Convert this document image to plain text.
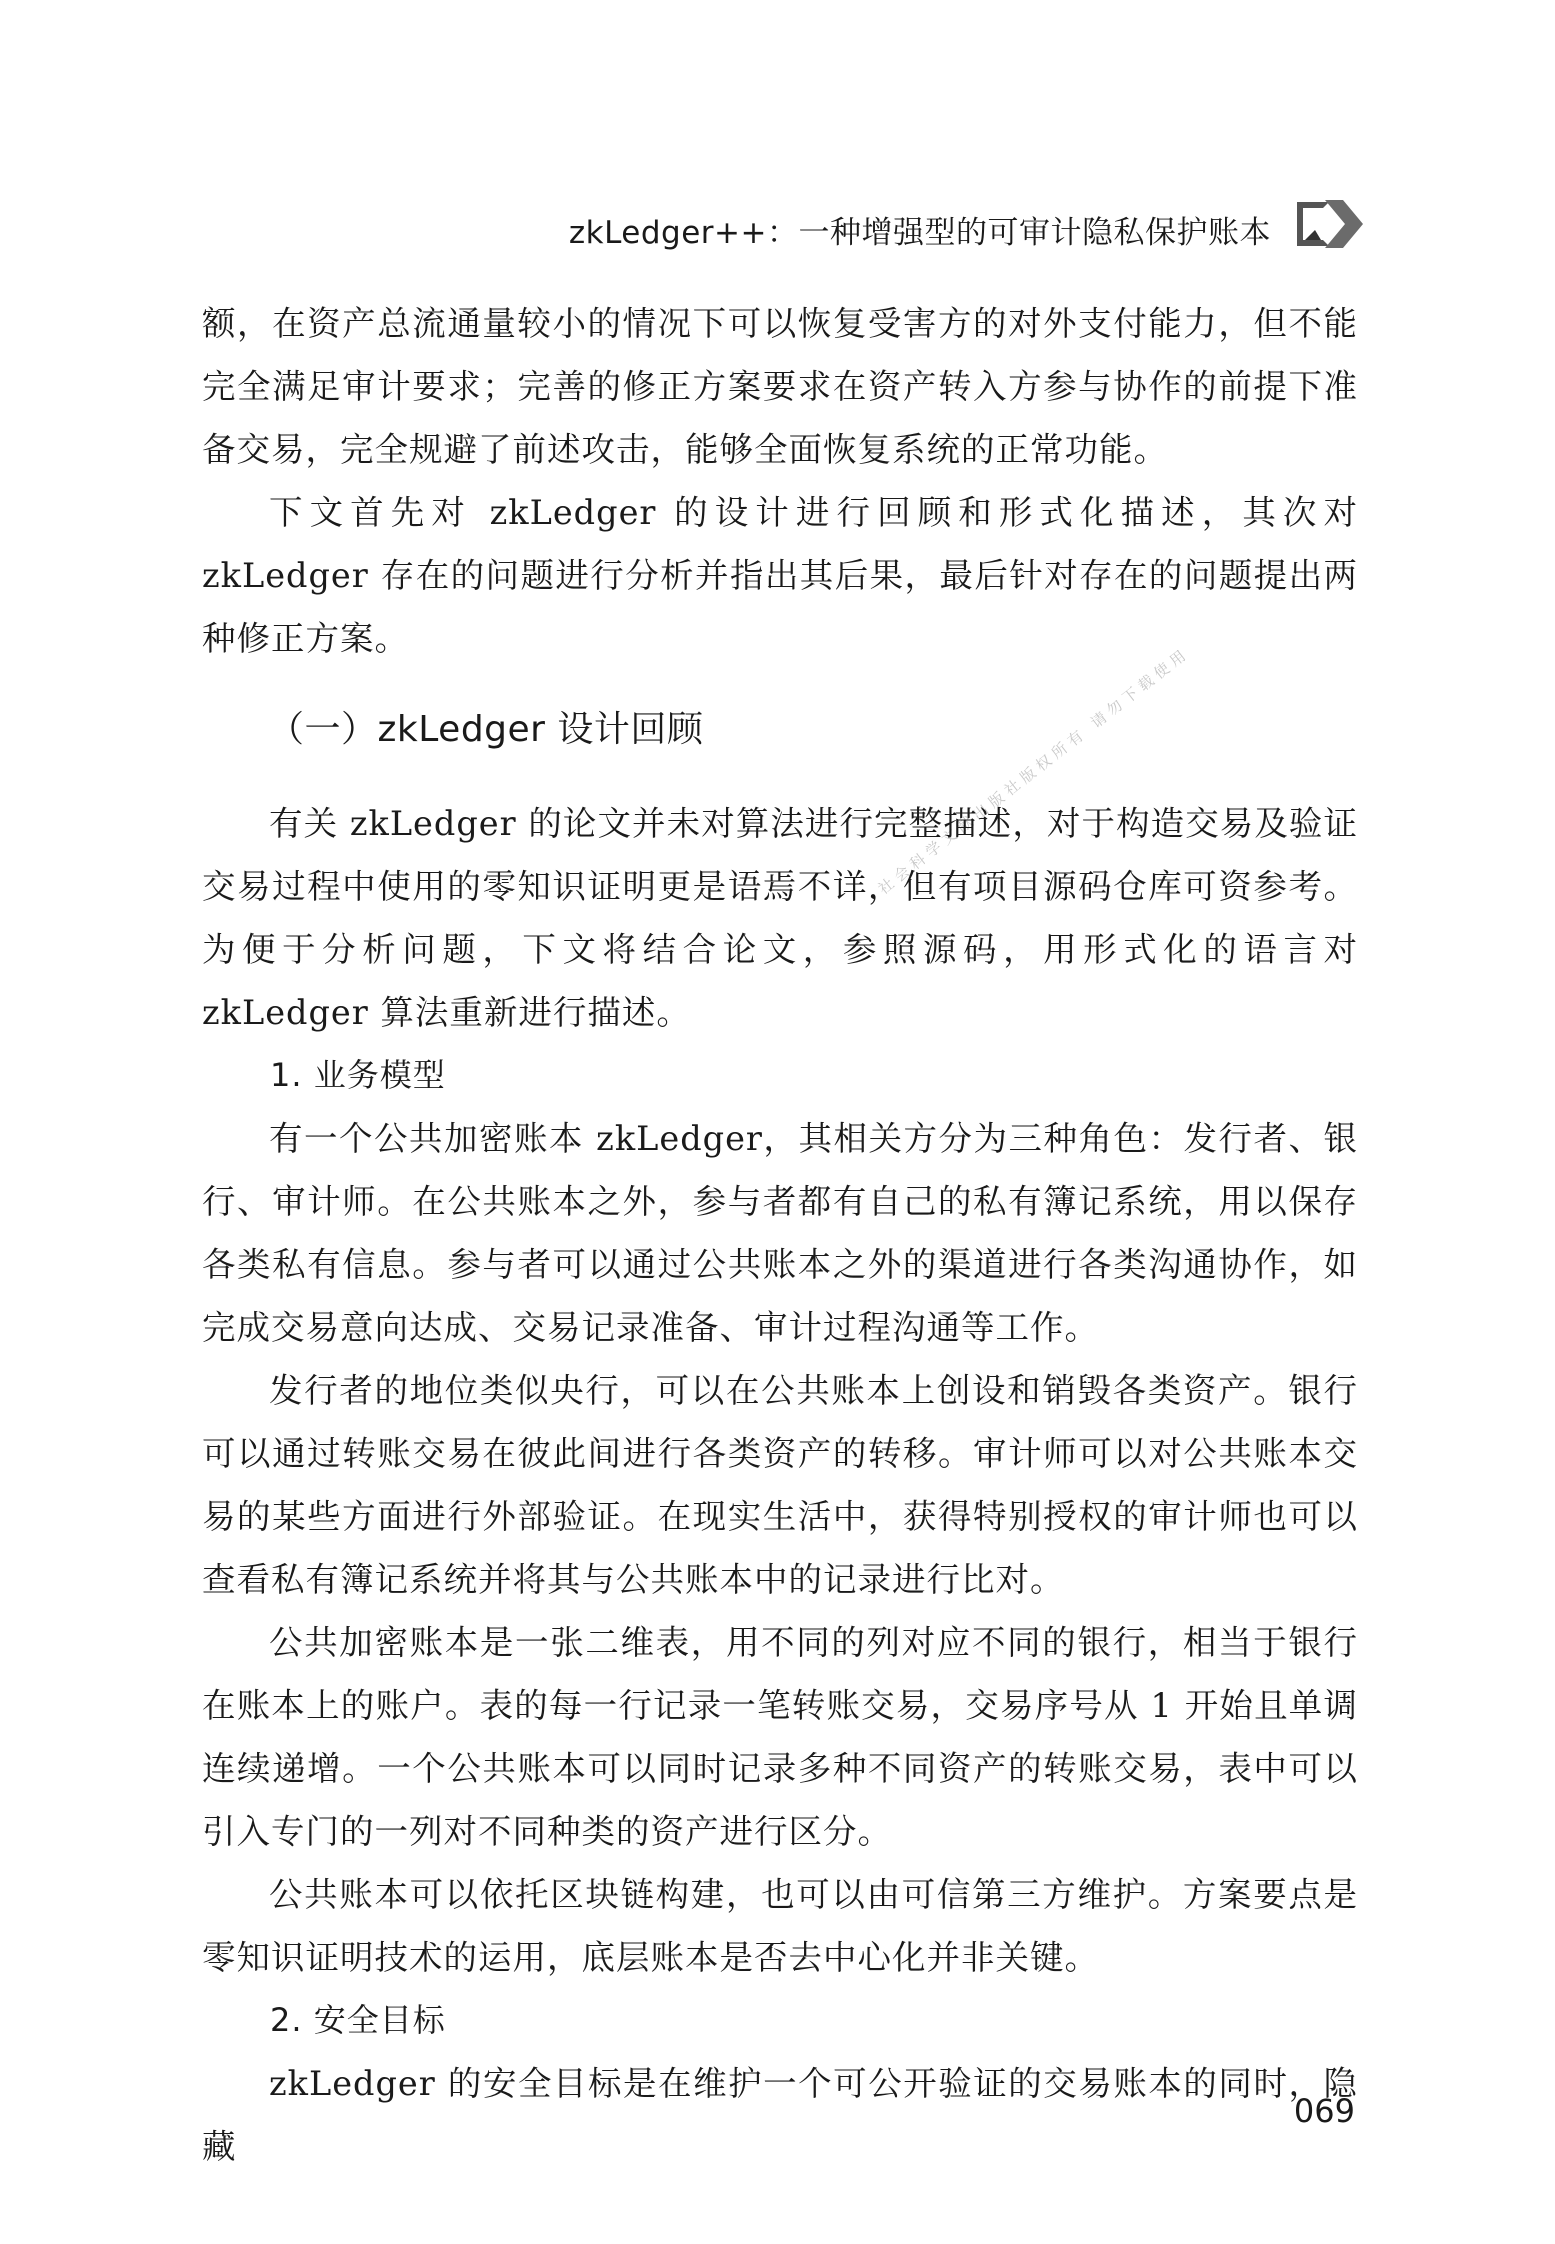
zkLedger++：一种增强型的可审计隐私保护账本
社会科学文献出版社版权所有 请勿下载使用

额，在资产总流通量较小的情况下可以恢复受害方的对外支付能力，但不能完全满足审计要求；完善的修正方案要求在资产转入方参与协作的前提下准备交易，完全规避了前述攻击，能够全面恢复系统的正常功能。

下文首先对 zkLedger 的设计进行回顾和形式化描述，其次对 zkLedger 存在的问题进行分析并指出其后果，最后针对存在的问题提出两种修正方案。

（一）zkLedger 设计回顾

有关 zkLedger 的论文并未对算法进行完整描述，对于构造交易及验证交易过程中使用的零知识证明更是语焉不详，但有项目源码仓库可资参考。为便于分析问题，下文将结合论文，参照源码，用形式化的语言对 zkLedger 算法重新进行描述。

1. 业务模型

有一个公共加密账本 zkLedger，其相关方分为三种角色：发行者、银行、审计师。在公共账本之外，参与者都有自己的私有簿记系统，用以保存各类私有信息。参与者可以通过公共账本之外的渠道进行各类沟通协作，如完成交易意向达成、交易记录准备、审计过程沟通等工作。

发行者的地位类似央行，可以在公共账本上创设和销毁各类资产。银行可以通过转账交易在彼此间进行各类资产的转移。审计师可以对公共账本交易的某些方面进行外部验证。在现实生活中，获得特别授权的审计师也可以查看私有簿记系统并将其与公共账本中的记录进行比对。

公共加密账本是一张二维表，用不同的列对应不同的银行，相当于银行在账本上的账户。表的每一行记录一笔转账交易，交易序号从 1 开始且单调连续递增。一个公共账本可以同时记录多种不同资产的转账交易，表中可以引入专门的一列对不同种类的资产进行区分。

公共账本可以依托区块链构建，也可以由可信第三方维护。方案要点是零知识证明技术的运用，底层账本是否去中心化并非关键。

2. 安全目标

zkLedger 的安全目标是在维护一个可公开验证的交易账本的同时，隐藏

069
